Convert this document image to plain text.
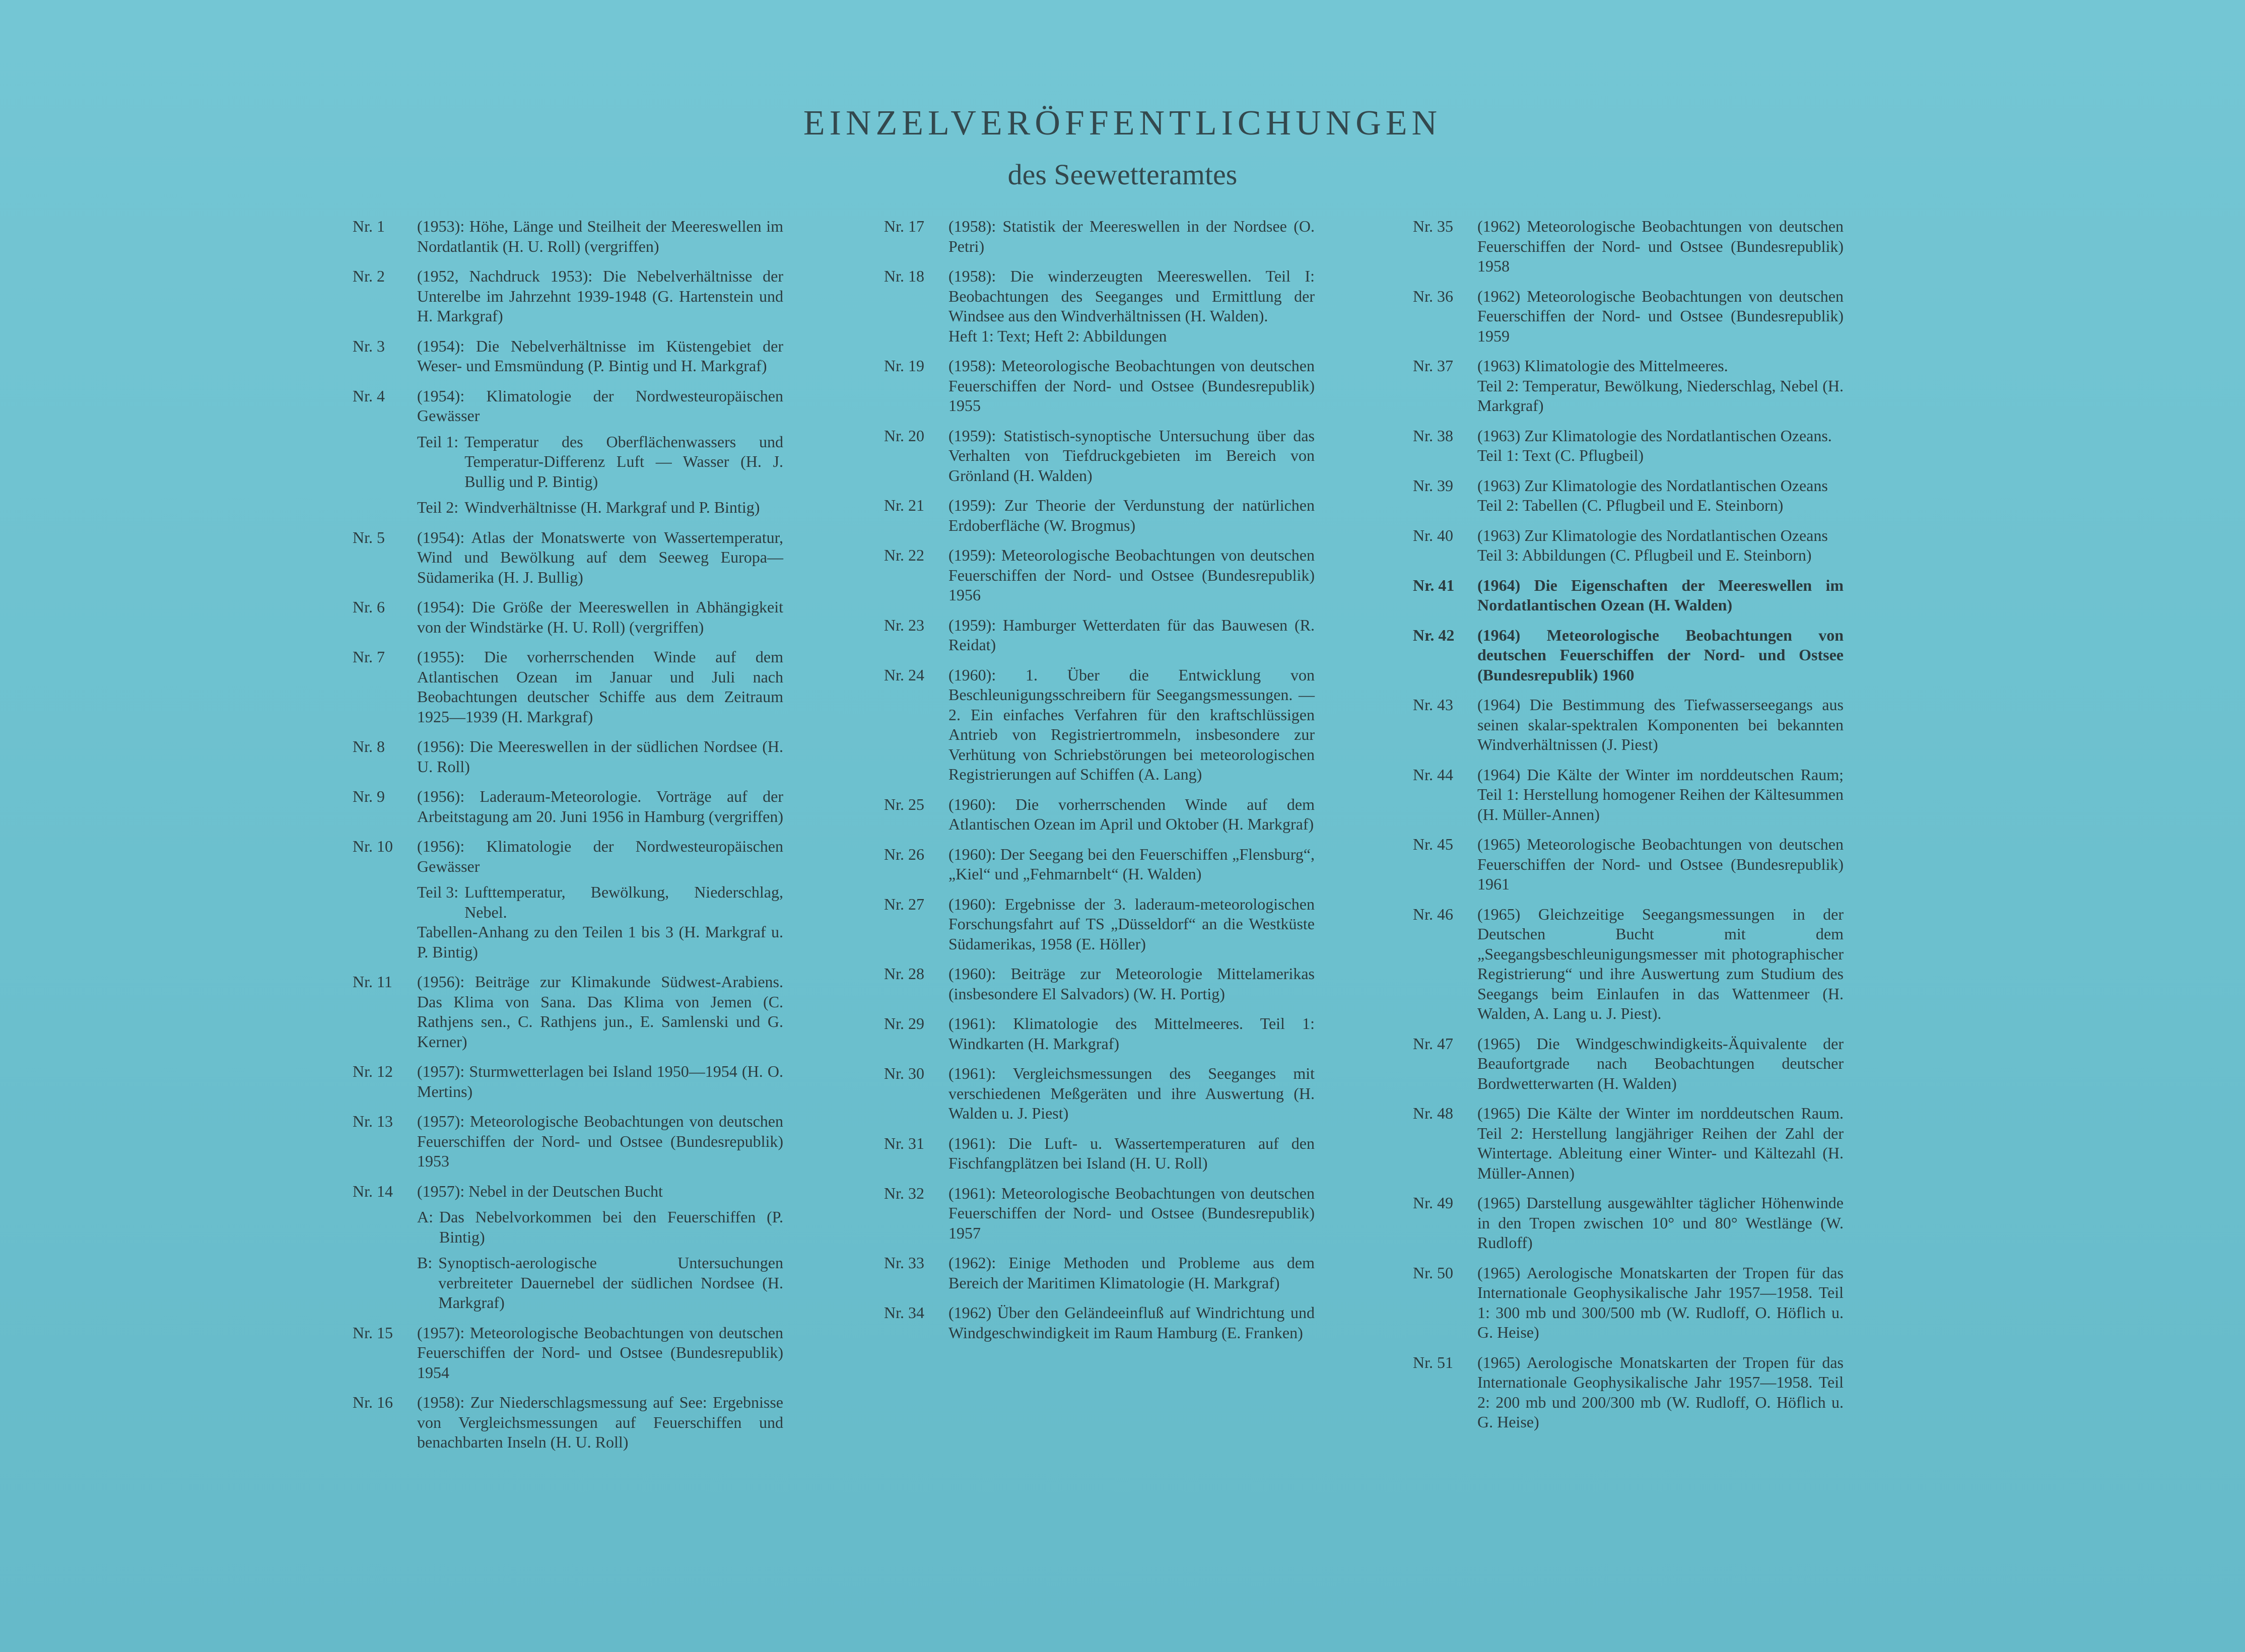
EINZELVERÖFFENTLICHUNGEN
des Seewetteramtes
Nr. 1	(1953): Höhe, Länge und Steilheit der Meereswellen im Nordatlantik (H. U. Roll) (vergriffen)
Nr. 2	(1952, Nachdruck 1953): Die Nebelverhältnisse der Unterelbe im Jahrzehnt 1939-1948 (G. Hartenstein und H. Markgraf)
Nr. 3	(1954): Die Nebelverhältnisse im Küstengebiet der Weser- und Emsmündung (P. Bintig und H. Markgraf)
Nr. 4	(1954): Klimatologie der Nordwesteuropäischen Gewässer
Teil 1: Temperatur des Oberflächenwassers und Temperatur-Differenz Luft — Wasser (H. J. Bullig und P. Bintig)
Teil 2: Windverhältnisse (H. Markgraf und P. Bintig)
Nr. 5	(1954): Atlas der Monatswerte von Wassertemperatur, Wind und Bewölkung auf dem Seeweg Europa—Südamerika (H. J. Bullig)
Nr. 6	(1954): Die Größe der Meereswellen in Abhängigkeit von der Windstärke (H. U. Roll) (vergriffen)
Nr. 7	(1955): Die vorherrschenden Winde auf dem Atlantischen Ozean im Januar und Juli nach Beobachtungen deutscher Schiffe aus dem Zeitraum 1925—1939 (H. Markgraf)
Nr. 8	(1956): Die Meereswellen in der südlichen Nordsee (H. U. Roll)
Nr. 9	(1956): Laderaum-Meteorologie. Vorträge auf der Arbeitstagung am 20. Juni 1956 in Hamburg (vergriffen)
Nr. 10	(1956): Klimatologie der Nordwesteuropäischen Gewässer
Teil 3: Lufttemperatur, Bewölkung, Niederschlag, Nebel.
Tabellen-Anhang zu den Teilen 1 bis 3 (H. Markgraf u. P. Bintig)
Nr. 11	(1956): Beiträge zur Klimakunde Südwest-Arabiens. Das Klima von Sana. Das Klima von Jemen (C. Rathjens sen., C. Rathjens jun., E. Samlenski und G. Kerner)
Nr. 12	(1957): Sturmwetterlagen bei Island 1950—1954 (H. O. Mertins)
Nr. 13	(1957): Meteorologische Beobachtungen von deutschen Feuerschiffen der Nord- und Ostsee (Bundesrepublik) 1953
Nr. 14	(1957): Nebel in der Deutschen Bucht
A: Das Nebelvorkommen bei den Feuerschiffen (P. Bintig)
B: Synoptisch-aerologische Untersuchungen verbreiteter Dauernebel der südlichen Nordsee (H. Markgraf)
Nr. 15	(1957): Meteorologische Beobachtungen von deutschen Feuerschiffen der Nord- und Ostsee (Bundesrepublik) 1954
Nr. 16	(1958): Zur Niederschlagsmessung auf See: Ergebnisse von Vergleichsmessungen auf Feuerschiffen und benachbarten Inseln (H. U. Roll)
Nr. 17	(1958): Statistik der Meereswellen in der Nordsee (O. Petri)
Nr. 18	(1958): Die winderzeugten Meereswellen. Teil I: Beobachtungen des Seeganges und Ermittlung der Windsee aus den Windverhältnissen (H. Walden).
Heft 1: Text; Heft 2: Abbildungen
Nr. 19	(1958): Meteorologische Beobachtungen von deutschen Feuerschiffen der Nord- und Ostsee (Bundesrepublik) 1955
Nr. 20	(1959): Statistisch-synoptische Untersuchung über das Verhalten von Tiefdruckgebieten im Bereich von Grönland (H. Walden)
Nr. 21	(1959): Zur Theorie der Verdunstung der natürlichen Erdoberfläche (W. Brogmus)
Nr. 22	(1959): Meteorologische Beobachtungen von deutschen Feuerschiffen der Nord- und Ostsee (Bundesrepublik) 1956
Nr. 23	(1959): Hamburger Wetterdaten für das Bauwesen (R. Reidat)
Nr. 24	(1960): 1. Über die Entwicklung von Beschleunigungsschreibern für Seegangsmessungen. — 2. Ein einfaches Verfahren für den kraftschlüssigen Antrieb von Registriertrommeln, insbesondere zur Verhütung von Schriebstörungen bei meteorologischen Registrierungen auf Schiffen (A. Lang)
Nr. 25	(1960): Die vorherrschenden Winde auf dem Atlantischen Ozean im April und Oktober (H. Markgraf)
Nr. 26	(1960): Der Seegang bei den Feuerschiffen „Flensburg“, „Kiel“ und „Fehmarnbelt“ (H. Walden)
Nr. 27	(1960): Ergebnisse der 3. laderaum-meteorologischen Forschungsfahrt auf TS „Düsseldorf“ an die Westküste Südamerikas, 1958 (E. Höller)
Nr. 28	(1960): Beiträge zur Meteorologie Mittelamerikas (insbesondere El Salvadors) (W. H. Portig)
Nr. 29	(1961): Klimatologie des Mittelmeeres. Teil 1: Windkarten (H. Markgraf)
Nr. 30	(1961): Vergleichsmessungen des Seeganges mit verschiedenen Meßgeräten und ihre Auswertung (H. Walden u. J. Piest)
Nr. 31	(1961): Die Luft- u. Wassertemperaturen auf den Fischfangplätzen bei Island (H. U. Roll)
Nr. 32	(1961): Meteorologische Beobachtungen von deutschen Feuerschiffen der Nord- und Ostsee (Bundesrepublik) 1957
Nr. 33	(1962): Einige Methoden und Probleme aus dem Bereich der Maritimen Klimatologie (H. Markgraf)
Nr. 34	(1962) Über den Geländeeinfluß auf Windrichtung und Windgeschwindigkeit im Raum Hamburg (E. Franken)
Nr. 35	(1962) Meteorologische Beobachtungen von deutschen Feuerschiffen der Nord- und Ostsee (Bundesrepublik) 1958
Nr. 36	(1962) Meteorologische Beobachtungen von deutschen Feuerschiffen der Nord- und Ostsee (Bundesrepublik) 1959
Nr. 37	(1963) Klimatologie des Mittelmeeres.
Teil 2: Temperatur, Bewölkung, Niederschlag, Nebel (H. Markgraf)
Nr. 38	(1963) Zur Klimatologie des Nordatlantischen Ozeans.
Teil 1: Text (C. Pflugbeil)
Nr. 39	(1963) Zur Klimatologie des Nordatlantischen Ozeans
Teil 2: Tabellen (C. Pflugbeil und E. Steinborn)
Nr. 40	(1963) Zur Klimatologie des Nordatlantischen Ozeans
Teil 3: Abbildungen (C. Pflugbeil und E. Steinborn)
Nr. 41	(1964) Die Eigenschaften der Meereswellen im Nordatlantischen Ozean (H. Walden)
Nr. 42	(1964) Meteorologische Beobachtungen von deutschen Feuerschiffen der Nord- und Ostsee (Bundesrepublik) 1960
Nr. 43	(1964) Die Bestimmung des Tiefwasserseegangs aus seinen skalar-spektralen Komponenten bei bekannten Windverhältnissen (J. Piest)
Nr. 44	(1964) Die Kälte der Winter im norddeutschen Raum; Teil 1: Herstellung homogener Reihen der Kältesummen (H. Müller-Annen)
Nr. 45	(1965) Meteorologische Beobachtungen von deutschen Feuerschiffen der Nord- und Ostsee (Bundesrepublik) 1961
Nr. 46	(1965) Gleichzeitige Seegangsmessungen in der Deutschen Bucht mit dem „Seegangsbeschleunigungsmesser mit photographischer Registrierung“ und ihre Auswertung zum Studium des Seegangs beim Einlaufen in das Wattenmeer (H. Walden, A. Lang u. J. Piest).
Nr. 47	(1965) Die Windgeschwindigkeits-Äquivalente der Beaufortgrade nach Beobachtungen deutscher Bordwetterwarten (H. Walden)
Nr. 48	(1965) Die Kälte der Winter im norddeutschen Raum. Teil 2: Herstellung langjähriger Reihen der Zahl der Wintertage. Ableitung einer Winter- und Kältezahl (H. Müller-Annen)
Nr. 49	(1965) Darstellung ausgewählter täglicher Höhenwinde in den Tropen zwischen 10° und 80° Westlänge (W. Rudloff)
Nr. 50	(1965) Aerologische Monatskarten der Tropen für das Internationale Geophysikalische Jahr 1957—1958. Teil 1: 300 mb und 300/500 mb (W. Rudloff, O. Höflich u. G. Heise)
Nr. 51	(1965) Aerologische Monatskarten der Tropen für das Internationale Geophysikalische Jahr 1957—1958. Teil 2: 200 mb und 200/300 mb (W. Rudloff, O. Höflich u. G. Heise)
